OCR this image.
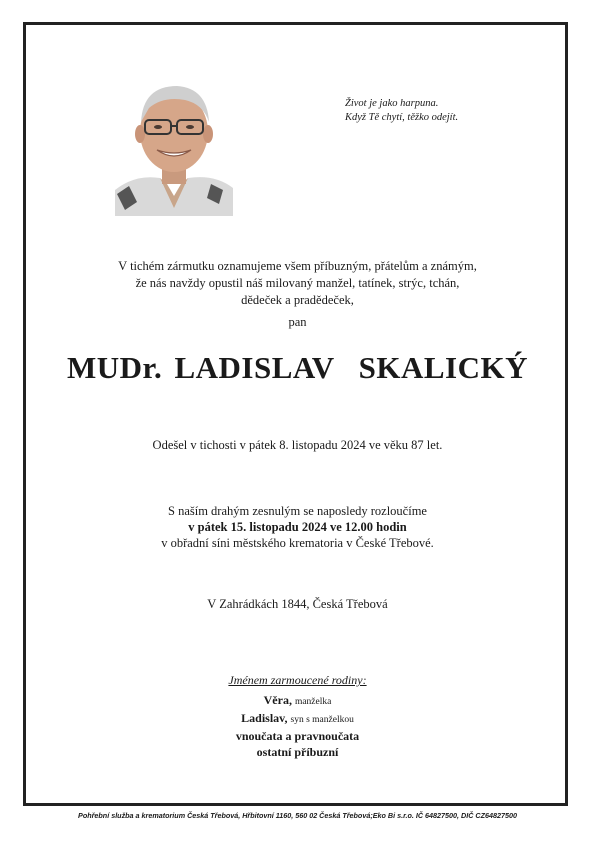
Život je jako harpuna.
Když Tě chytí, těžko odejít.
V tichém zármutku oznamujeme všem příbuzným, přátelům a známým,
že nás navždy opustil náš milovaný manžel, tatínek, strýc, tchán,
dědeček a pradědeček,
pan
MUDr. LADISLAV  SKALICKÝ
Odešel v tichosti v pátek 8. listopadu 2024 ve věku 87 let.
S naším drahým zesnulým se naposledy rozloučíme
v pátek 15. listopadu 2024 ve 12.00 hodin
v obřadní síni městského krematoria v České Třebové.
V Zahrádkách 1844, Česká Třebová
Jménem zarmoucené rodiny:
Věra, manželka
Ladislav, syn s manželkou
vnoučata a pravnoučata
ostatní příbuzní
Pohřební služba a krematorium Česká Třebová, Hřbitovní 1160, 560 02 Česká Třebová;Eko Bi s.r.o. IČ 64827500, DIČ CZ64827500
